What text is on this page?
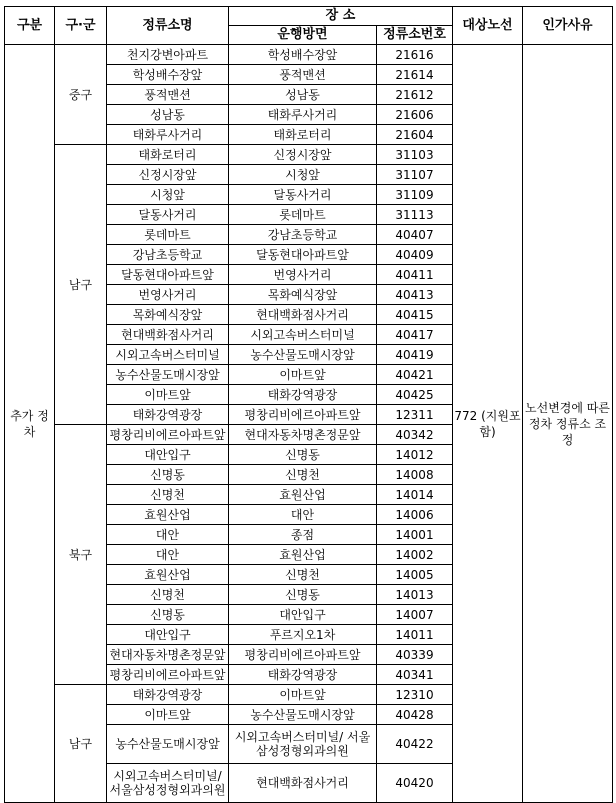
구분	구·군	정류소명	장 소		대상노선	인가사유
			운행방면	정류소번호		
추가 정차	중구	천지강변아파트	학성배수장앞	21616	772 (지원포함)	노선변경에 따른 정차 정류소 조정
		학성배수장앞	풍적맨션	21614		
		풍적맨션	성남동	21612		
		성남동	태화루사거리	21606		
		태화루사거리	태화로터리	21604		
	남구	태화로터리	신정시장앞	31103		
		신정시장앞	시청앞	31107		
		시청앞	달동사거리	31109		
		달동사거리	롯데마트	31113		
		롯데마트	강남초등학교	40407		
		강남초등학교	달동현대아파트앞	40409		
		달동현대아파트앞	번영사거리	40411		
		번영사거리	목화예식장앞	40413		
		목화예식장앞	현대백화점사거리	40415		
		현대백화점사거리	시외고속버스터미널	40417		
		시외고속버스터미널	농수산물도매시장앞	40419		
		농수산물도매시장앞	이마트앞	40421		
		이마트앞	태화강역광장	40425		
		태화강역광장	평창리비에르아파트앞	12311		
	북구	평창리비에르아파트앞	현대자동차명촌정문앞	40342		
		대안입구	신명동	14012		
		신명동	신명천	14008		
		신명천	효원산업	14014		
		효원산업	대안	14006		
		대안	종점	14001		
		대안	효원산업	14002		
		효원산업	신명천	14005		
		신명천	신명동	14013		
		신명동	대안입구	14007		
		대안입구	푸르지오1차	14011		
		현대자동차명촌정문앞	평창리비에르아파트앞	40339		
		평창리비에르아파트앞	태화강역광장	40341		
	남구	태화강역광장	이마트앞	12310		
		이마트앞	농수산물도매시장앞	40428		
		농수산물도매시장앞	시외고속버스터미널/ 서울삼성정형외과의원	40422		
		시외고속버스터미널/ 서울삼성정형외과의원	현대백화점사거리	40420		
